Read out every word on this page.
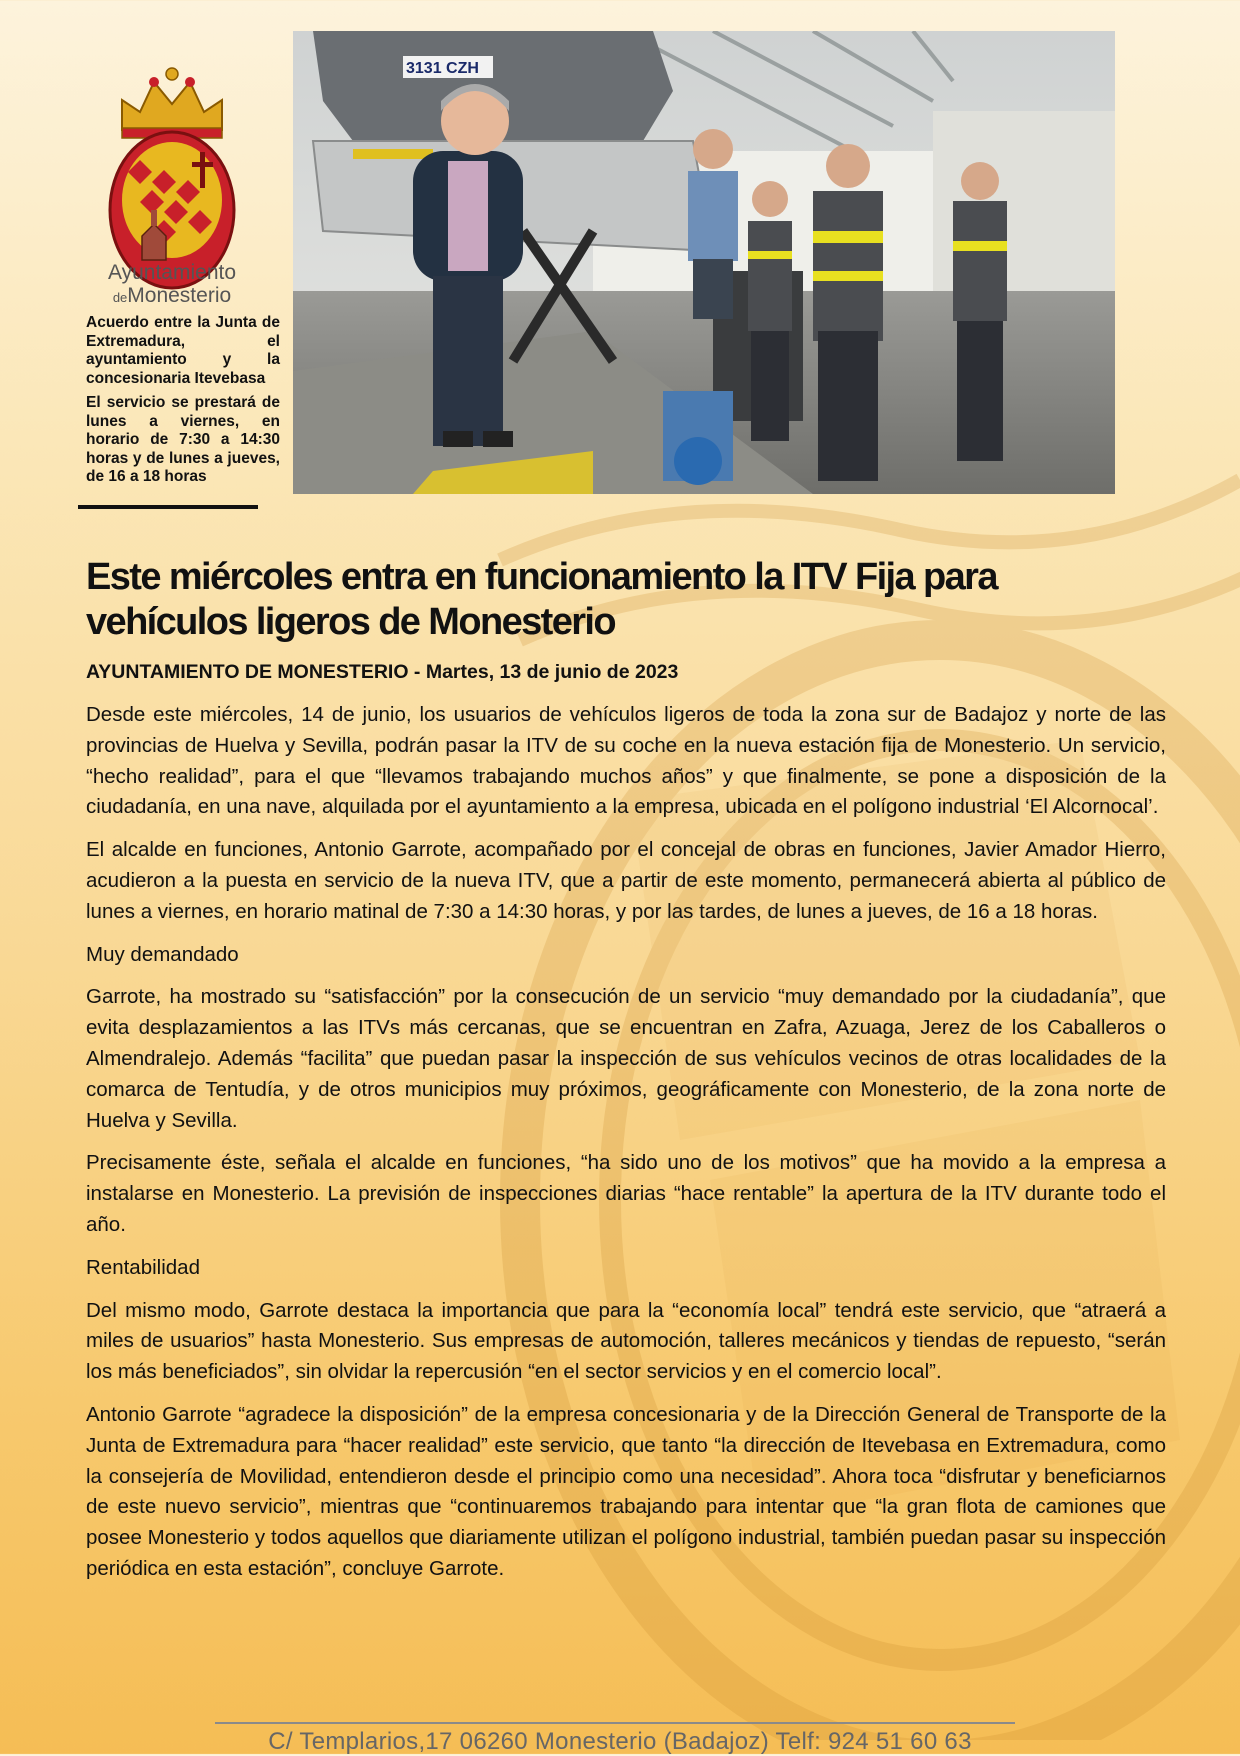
Ayuntamiento
deMonesterio

Acuerdo entre la Junta de Extremadura, el ayuntamiento y la concesionaria Itevebasa

El servicio se prestará de lunes a viernes, en horario de 7:30 a 14:30 horas y de lunes a jueves, de 16 a 18 horas

3131 CZH
Este miércoles entra en funcionamiento la ITV Fija para vehículos ligeros de Monesterio
AYUNTAMIENTO DE MONESTERIO - Martes, 13 de junio de 2023

Desde este miércoles, 14 de junio, los usuarios de vehículos ligeros de toda la zona sur de Badajoz y norte de las provincias de Huelva y Sevilla, podrán pasar la ITV de su coche en la nueva estación fija de Monesterio. Un servicio, “hecho realidad”, para el que “llevamos trabajando muchos años” y que finalmente, se pone a disposición de la ciudadanía, en una nave, alquilada por el ayuntamiento a la empresa, ubicada en el polígono industrial ‘El Alcornocal’.

El alcalde en funciones, Antonio Garrote, acompañado por el concejal de obras en funciones, Javier Amador Hierro, acudieron a la puesta en servicio de la nueva ITV, que a partir de este momento, permanecerá abierta al público de lunes a viernes, en horario matinal de 7:30 a 14:30 horas, y por las tardes, de lunes a jueves, de 16 a 18 horas.

Muy demandado

Garrote, ha mostrado su “satisfacción” por la consecución de un servicio “muy demandado por la ciudadanía”, que evita desplazamientos a las ITVs más cercanas, que se encuentran en Zafra, Azuaga, Jerez de los Caballeros o Almendralejo. Además “facilita” que puedan pasar la inspección de sus vehículos vecinos de otras localidades de la comarca de Tentudía, y de otros municipios muy próximos, geográficamente con Monesterio, de la zona norte de Huelva y Sevilla.

Precisamente éste, señala el alcalde en funciones, “ha sido uno de los motivos” que ha movido a la empresa a instalarse en Monesterio. La previsión de inspecciones diarias “hace rentable” la apertura de la ITV durante todo el año.

Rentabilidad

Del mismo modo, Garrote destaca la importancia que para la “economía local” tendrá este servicio, que “atraerá a miles de usuarios” hasta Monesterio. Sus empresas de automoción, talleres mecánicos y tiendas de repuesto, “serán los más beneficiados”, sin olvidar la repercusión “en el sector servicios y en el comercio local”.

Antonio Garrote “agradece la disposición” de la empresa concesionaria y de la Dirección General de Transporte de la Junta de Extremadura para “hacer realidad” este servicio, que tanto “la dirección de Itevebasa en Extremadura, como la consejería de Movilidad, entendieron desde el principio como una necesidad”. Ahora toca “disfrutar y beneficiarnos de este nuevo servicio”, mientras que “continuaremos trabajando para intentar que “la gran flota de camiones que posee Monesterio y todos aquellos que diariamente utilizan el polígono industrial, también puedan pasar su inspección periódica en esta estación”, concluye Garrote.

C/ Templarios,17 06260 Monesterio (Badajoz) Telf: 924 51 60 63
